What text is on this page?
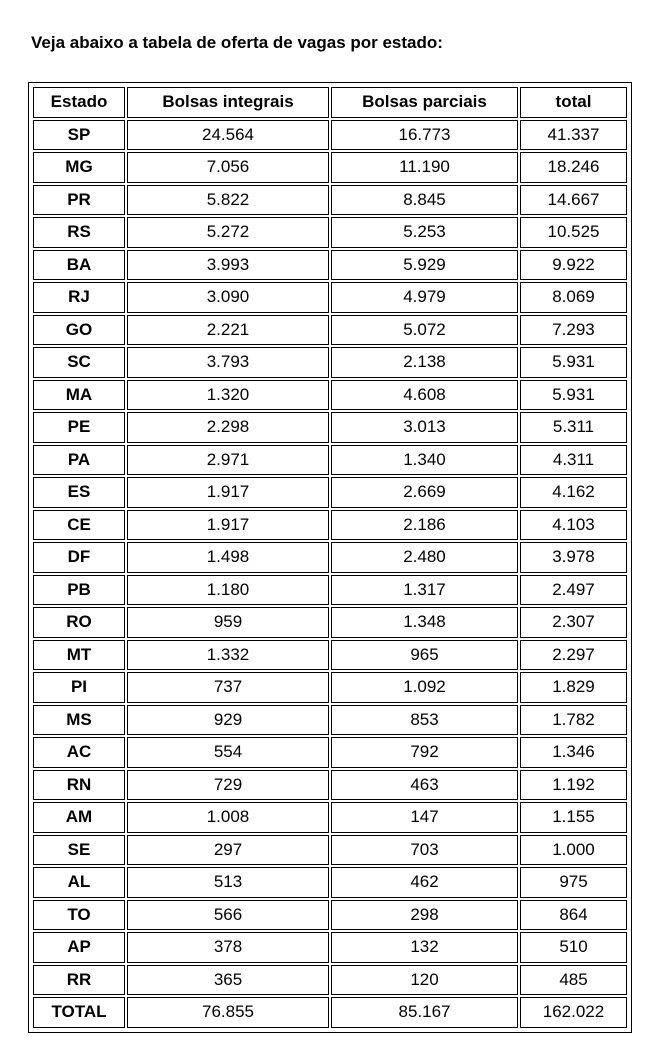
Veja abaixo a tabela de oferta de vagas por estado:
Estado	Bolsas integrais	Bolsas parciais	total
SP	24.564	16.773	41.337
MG	7.056	11.190	18.246
PR	5.822	8.845	14.667
RS	5.272	5.253	10.525
BA	3.993	5.929	9.922
RJ	3.090	4.979	8.069
GO	2.221	5.072	7.293
SC	3.793	2.138	5.931
MA	1.320	4.608	5.931
PE	2.298	3.013	5.311
PA	2.971	1.340	4.311
ES	1.917	2.669	4.162
CE	1.917	2.186	4.103
DF	1.498	2.480	3.978
PB	1.180	1.317	2.497
RO	959	1.348	2.307
MT	1.332	965	2.297
PI	737	1.092	1.829
MS	929	853	1.782
AC	554	792	1.346
RN	729	463	1.192
AM	1.008	147	1.155
SE	297	703	1.000
AL	513	462	975
TO	566	298	864
AP	378	132	510
RR	365	120	485
TOTAL	76.855	85.167	162.022
